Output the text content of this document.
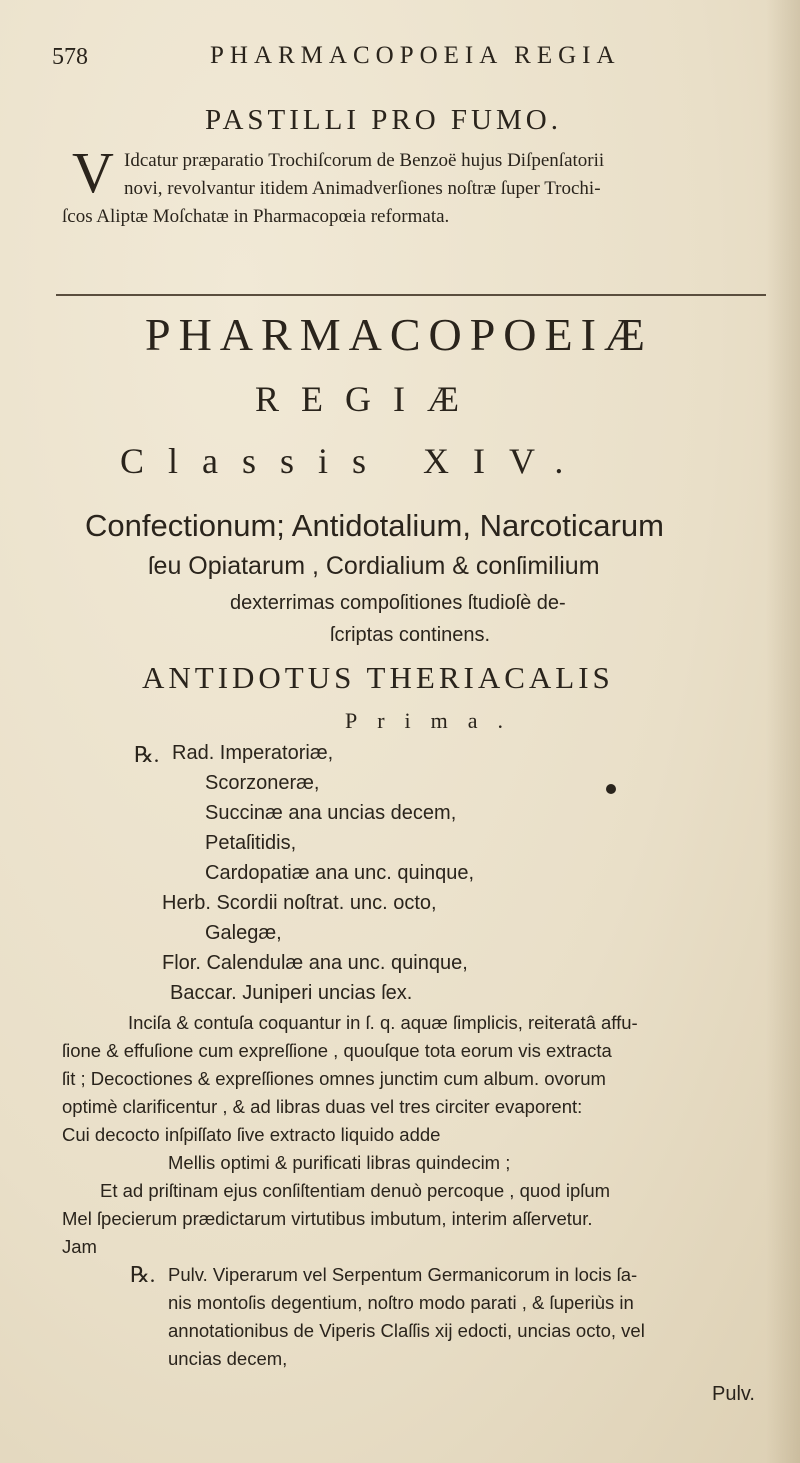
578	PHARMACOPOEIA REGIA
PASTILLI PRO FUMO.
V Idcatur præparatio Trochiſcorum de Benzoë hujus Diſpenſatorii
novi, revolvantur itidem Animadverſiones noſtræ ſuper Trochi-
ſcos Aliptæ Moſchatæ in Pharmacopœia reformata.
PHARMACOPOEIÆ
REGIÆ
Classis XIV.
Confectionum; Antidotalium, Narcoticarum
ſeu Opiatarum , Cordialium & conſimilium
dexterrimas compoſitiones ſtudioſè de-
ſcriptas continens.
ANTIDOTUS THERIACALIS
Prima.
℞. Rad. Imperatoriæ,
Scorzoneræ,
Succinæ ana uncias decem,
Petaſitidis,
Cardopatiæ ana unc. quinque,
Herb. Scordii noſtrat. unc. octo,
Galegæ,
Flor. Calendulæ ana unc. quinque,
Baccar. Juniperi uncias ſex.
Inciſa & contuſa coquantur in ſ. q. aquæ ſimplicis, reiteratâ affu-
ſione & effuſione cum expreſſione , quouſque tota eorum vis extracta
ſit ; Decoctiones & expreſſiones omnes junctim cum album. ovorum
optimè clarificentur , & ad libras duas vel tres circiter evaporent:
Cui decocto inſpiſſato ſive extracto liquido adde
Mellis optimi & purificati libras quindecim ;
Et ad priſtinam ejus conſiſtentiam denuò percoque , quod ipſum
Mel ſpecierum prædictarum virtutibus imbutum, interim aſſervetur.
Jam
℞. Pulv. Viperarum vel Serpentum Germanicorum in locis ſa-
nis montoſis degentium, noſtro modo parati , & ſuperiùs in
annotationibus de Viperis Claſſis xij edocti, uncias octo, vel
uncias decem,
Pulv.
